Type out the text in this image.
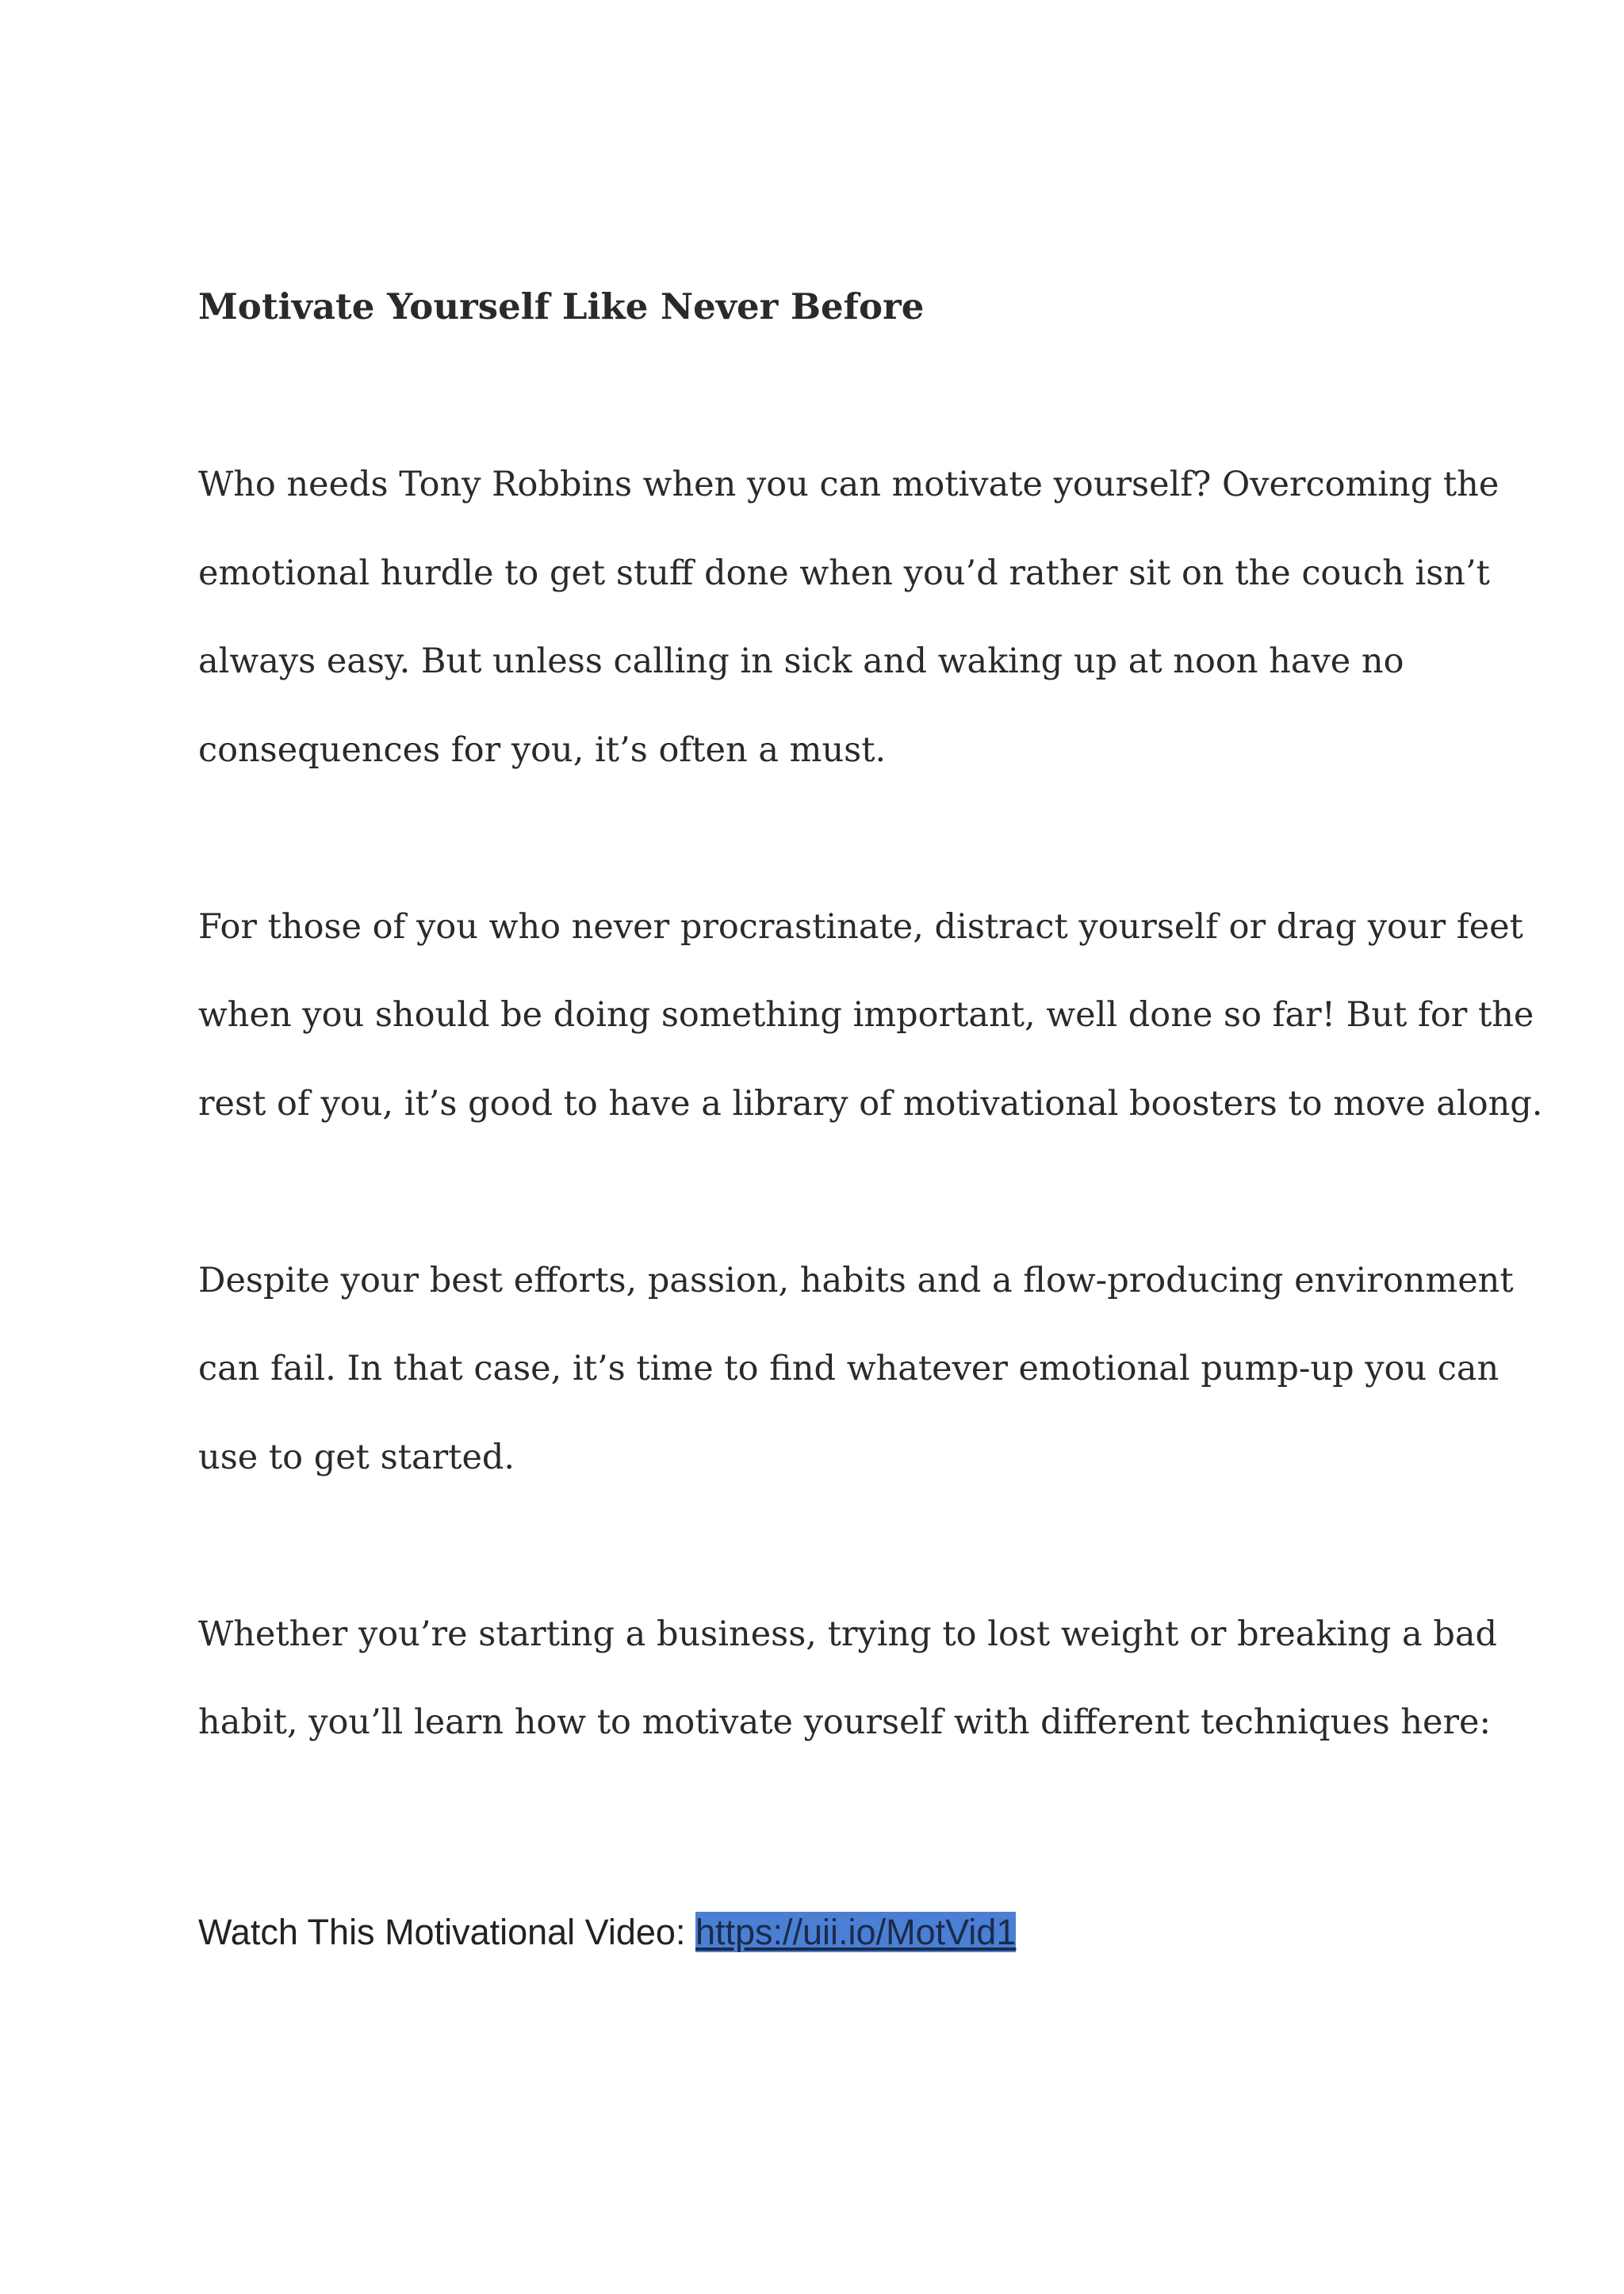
Motivate Yourself Like Never Before

Who needs Tony Robbins when you can motivate yourself? Overcoming the
emotional hurdle to get stuff done when you’d rather sit on the couch isn’t
always easy. But unless calling in sick and waking up at noon have no
consequences for you, it’s often a must.

For those of you who never procrastinate, distract yourself or drag your feet
when you should be doing something important, well done so far! But for the
rest of you, it’s good to have a library of motivational boosters to move along.

Despite your best efforts, passion, habits and a flow-producing environment
can fail. In that case, it’s time to find whatever emotional pump-up you can
use to get started.

Whether you’re starting a business, trying to lost weight or breaking a bad
habit, you’ll learn how to motivate yourself with different techniques here:

Watch This Motivational Video: https://uii.io/MotVid1
